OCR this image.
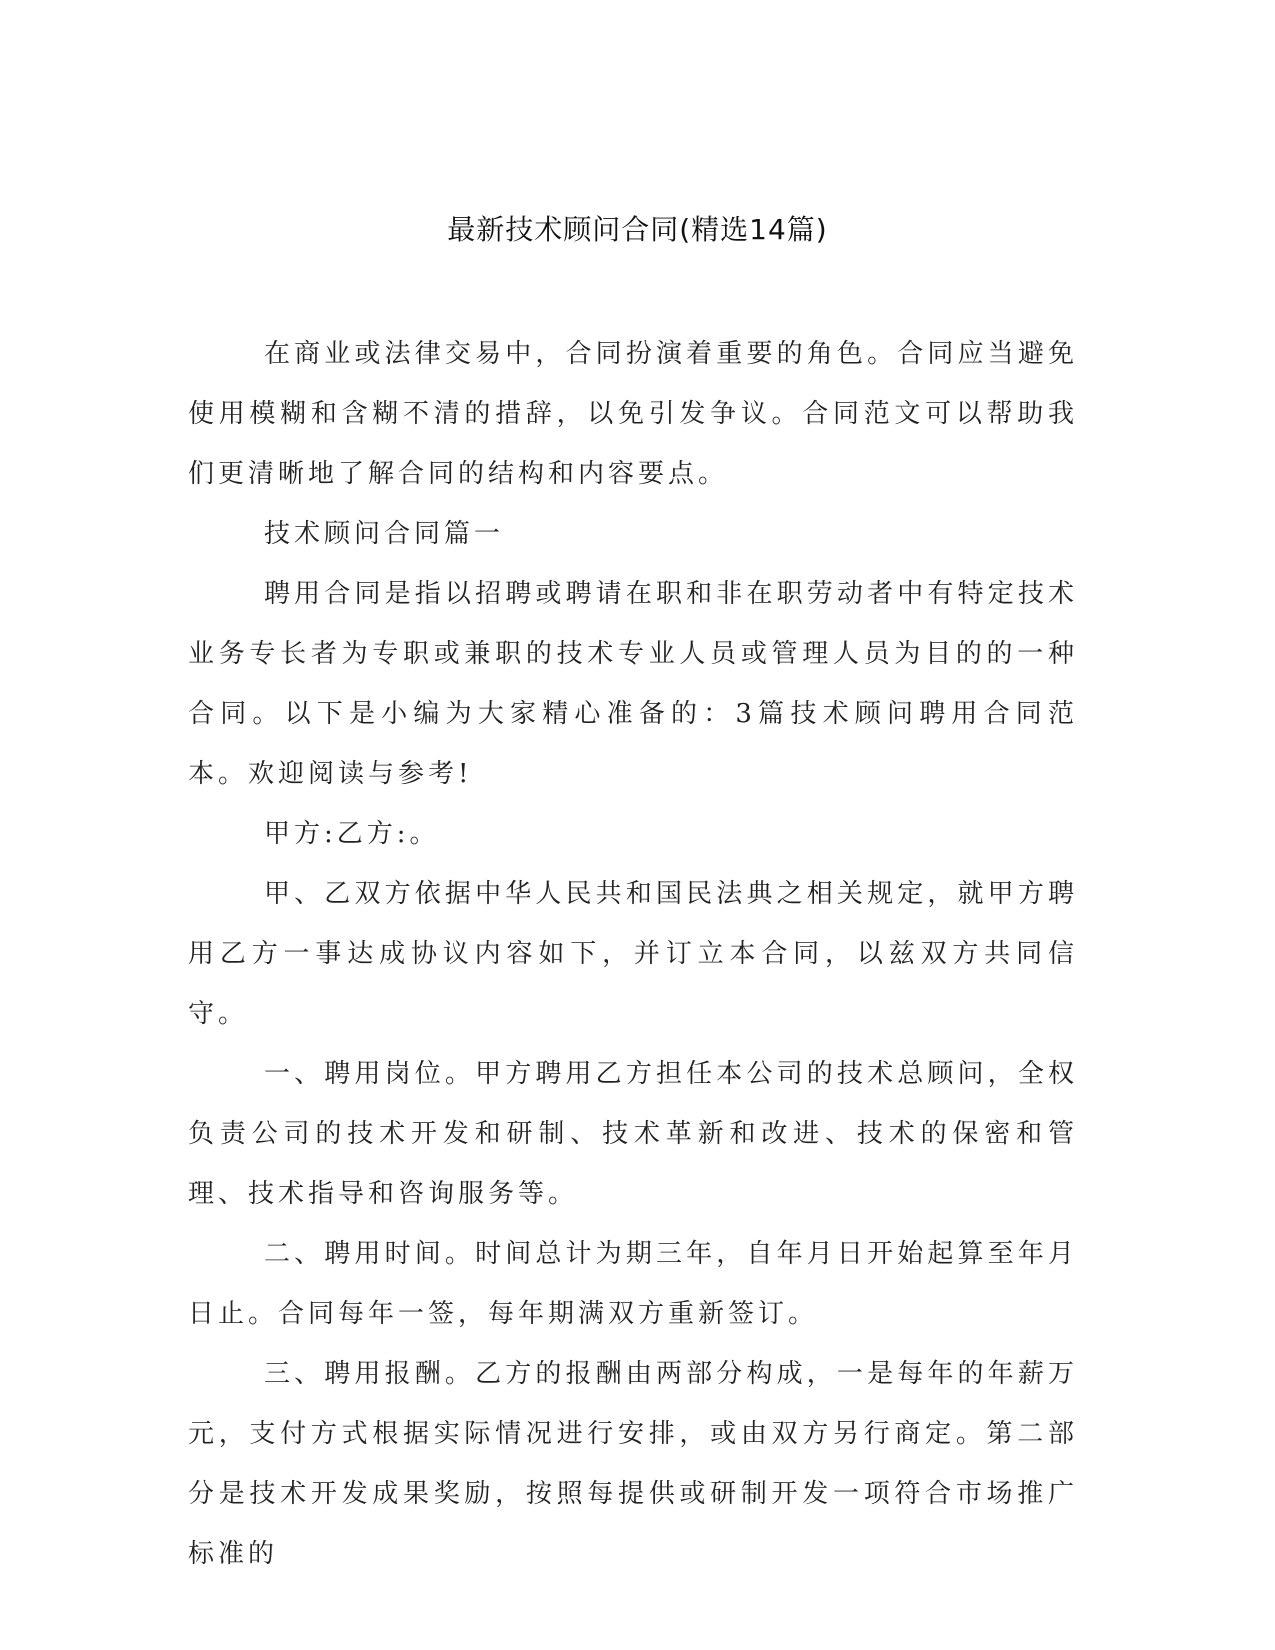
最新技术顾问合同(精选14篇)

在商业或法律交易中，合同扮演着重要的角色。合同应当避免使用模糊和含糊不清的措辞，以免引发争议。合同范文可以帮助我们更清晰地了解合同的结构和内容要点。

技术顾问合同篇一

聘用合同是指以招聘或聘请在职和非在职劳动者中有特定技术业务专长者为专职或兼职的技术专业人员或管理人员为目的的一种合同。以下是小编为大家精心准备的：3篇技术顾问聘用合同范本。欢迎阅读与参考!

甲方:乙方:。

甲、乙双方依据中华人民共和国民法典之相关规定，就甲方聘用乙方一事达成协议内容如下，并订立本合同，以兹双方共同信守。

一、聘用岗位。甲方聘用乙方担任本公司的技术总顾问，全权负责公司的技术开发和研制、技术革新和改进、技术的保密和管理、技术指导和咨询服务等。

二、聘用时间。时间总计为期三年，自年月日开始起算至年月日止。合同每年一签，每年期满双方重新签订。

三、聘用报酬。乙方的报酬由两部分构成，一是每年的年薪万元，支付方式根据实际情况进行安排，或由双方另行商定。第二部分是技术开发成果奖励，按照每提供或研制开发一项符合市场推广标准的
